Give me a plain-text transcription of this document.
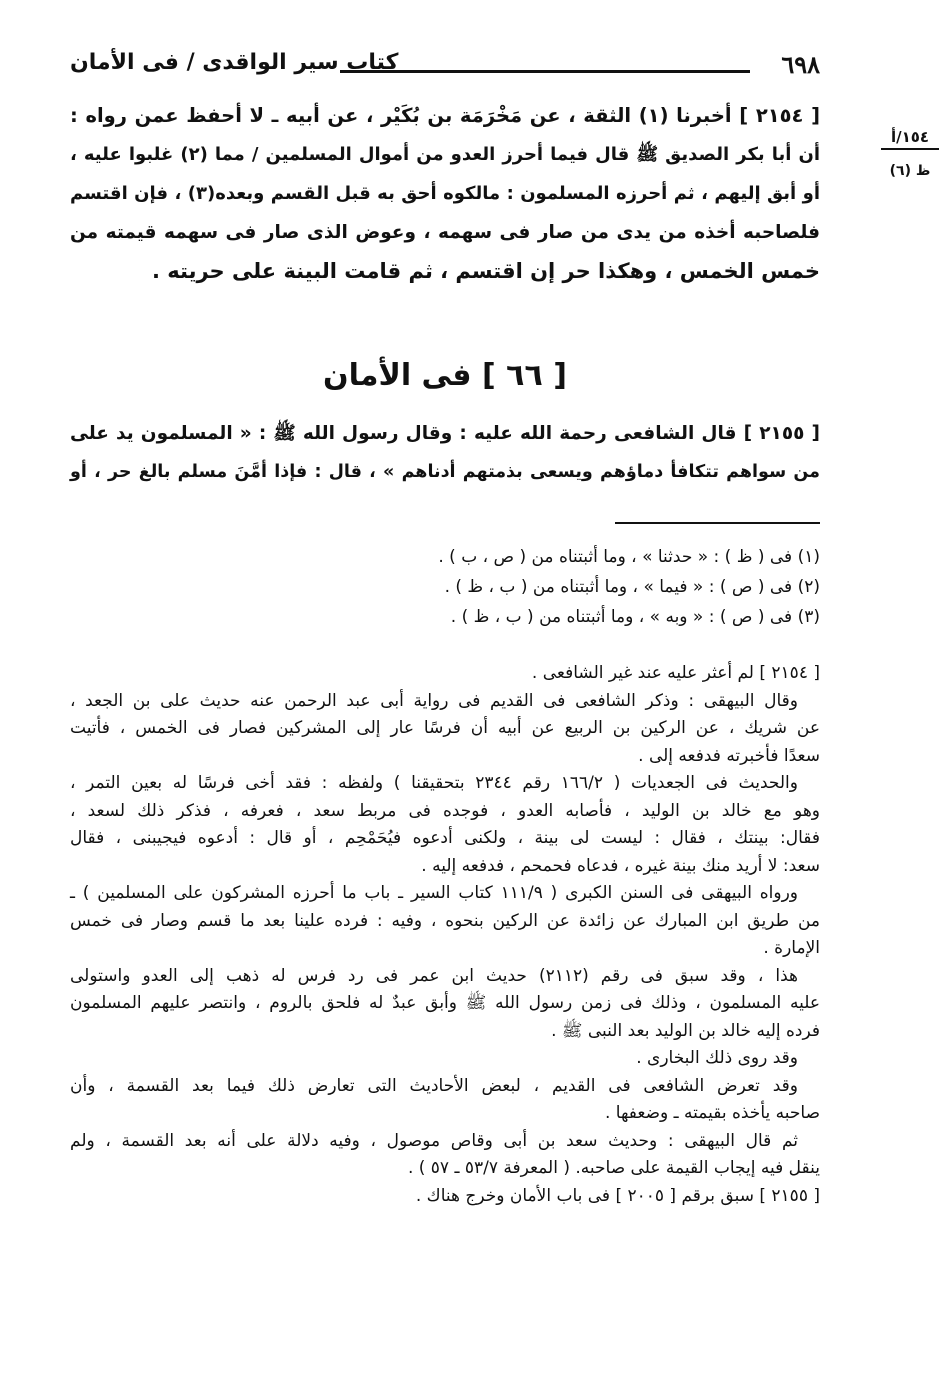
٦٩٨
كتاب سير الواقدى / فى الأمان
١٥٤/أ
ظ (٦)
[ ٢١٥٤ ] أخبرنا (١) الثقة ، عن مَخْرَمَة بن بُكَيْر ، عن أبيه ـ لا أحفظ عمن رواه :
أن أبا بكر الصديق ﷺ قال فيما أحرز العدو من أموال المسلمين / مما (٢) غلبوا عليه ،
أو أبق إليهم ، ثم أحرزه المسلمون : مالكوه أحق به قبل القسم وبعده(٣) ، فإن اقتسم
فلصاحبه أخذه من يدى من صار فى سهمه ، وعوض الذى صار فى سهمه قيمته من
خمس الخمس ، وهكذا حر إن اقتسم ، ثم قامت البينة على حريته .
[ ٦٦ ] فى الأمان
[ ٢١٥٥ ] قال الشافعى رحمة الله عليه : وقال رسول الله ﷺ : « المسلمون يد على
من سواهم تتكافأ دماؤهم ويسعى بذمتهم أدناهم » ، قال : فإذا أمَّنَ مسلم بالغ حر ، أو
(١) فى ( ظ ) : « حدثنا » ، وما أثبتناه من ( ص ، ب ) .
(٢) فى ( ص ) : « فيما » ، وما أثبتناه من ( ب ، ظ ) .
(٣) فى ( ص ) : « وبه » ، وما أثبتناه من ( ب ، ظ ) .
[ ٢١٥٤ ] لم أعثر عليه عند غير الشافعى .
وقال البيهقى : وذكر الشافعى فى القديم فى رواية أبى عبد الرحمن عنه حديث على بن الجعد ،
عن شريك ، عن الركين بن الربيع عن أبيه أن فرسًا عار إلى المشركين فصار فى الخمس ، فأتيت
سعدًا فأخبرته فدفعه إلى .
والحديث فى الجعديات ( ١٦٦/٢ رقم ٢٣٤٤ بتحقيقنا ) ولفظه : فقد أخى فرسًا له بعين التمر ،
وهو مع خالد بن الوليد ، فأصابه العدو ، فوجده فى مربط سعد ، فعرفه ، فذكر ذلك لسعد ،
فقال: بينتك ، فقال : ليست لى بينة ، ولكنى أدعوه فيُحَمْحِم ، أو قال : أدعوه فيجيبنى ، فقال
سعد: لا أريد منك بينة غيره ، فدعاه فحمحم ، فدفعه إليه .
ورواه البيهقى فى السنن الكبرى ( ١١١/٩ كتاب السير ـ باب ما أحرزه المشركون على المسلمين ) ـ
من طريق ابن المبارك عن زائدة عن الركين بنحوه ، وفيه : فرده علينا بعد ما قسم وصار فى خمس
الإمارة .
هذا ، وقد سبق فى رقم (٢١١٢) حديث ابن عمر فى رد فرس له ذهب إلى العدو واستولى
عليه المسلمون ، وذلك فى زمن رسول الله ﷺ وأبق عبدٌ له فلحق بالروم ، وانتصر عليهم المسلمون
فرده إليه خالد بن الوليد بعد النبى ﷺ .
وقد روى ذلك البخارى .
وقد تعرض الشافعى فى القديم ، لبعض الأحاديث التى تعارض ذلك فيما بعد القسمة ، وأن
صاحبه يأخذه بقيمته ـ وضعفها .
ثم قال البيهقى : وحديث سعد بن أبى وقاص موصول ، وفيه دلالة على أنه بعد القسمة ، ولم
ينقل فيه إيجاب القيمة على صاحبه. ( المعرفة ٥٣/٧ ـ ٥٧ ) .
[ ٢١٥٥ ] سبق برقم [ ٢٠٠٥ ] فى باب الأمان وخرج هناك .
